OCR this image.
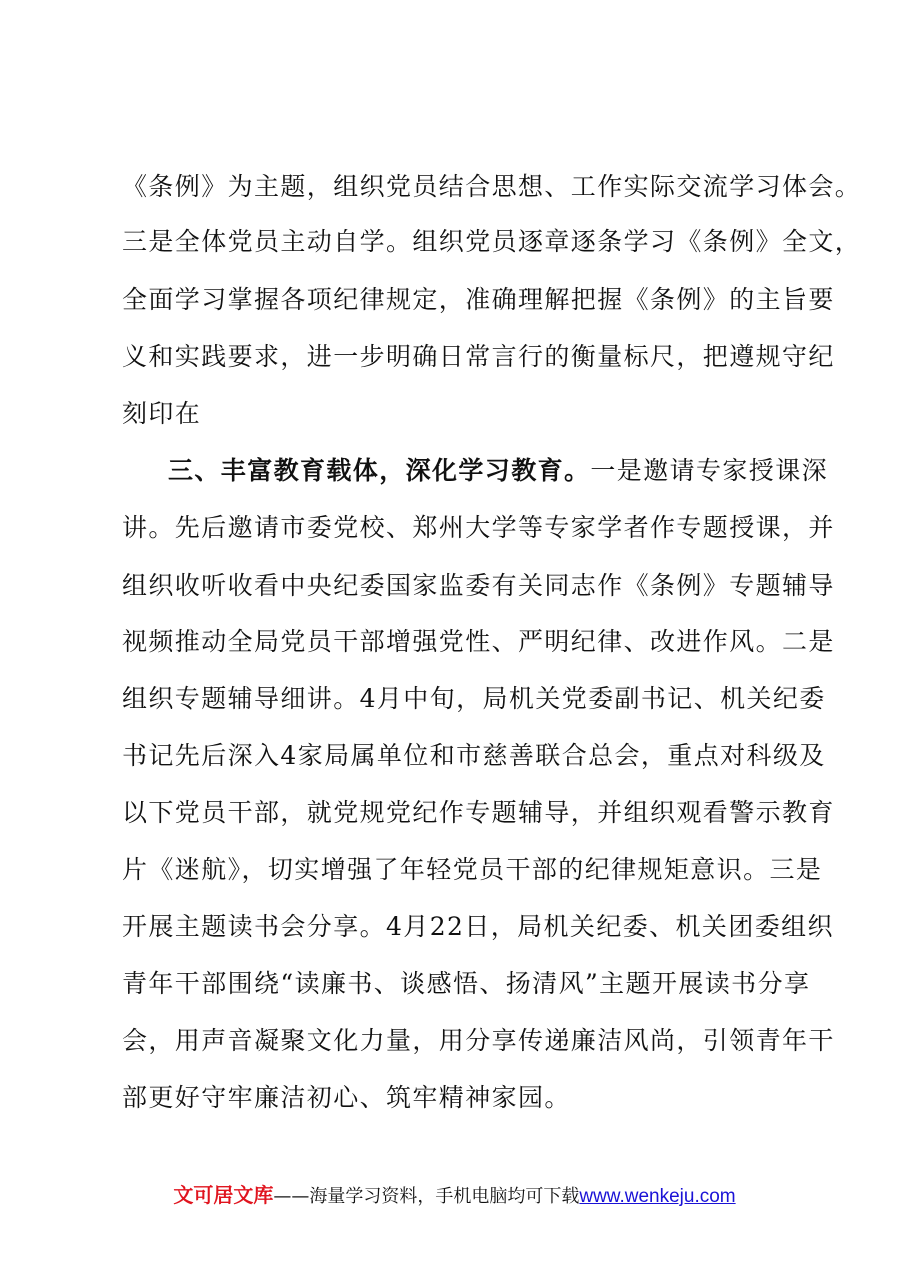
《条例》为主题，组织党员结合思想、工作实际交流学习体会。
三是全体党员主动自学。组织党员逐章逐条学习《条例》全文，
全面学习掌握各项纪律规定，准确理解把握《条例》的主旨要
义和实践要求，进一步明确日常言行的衡量标尺，把遵规守纪
刻印在
三、丰富教育载体，深化学习教育。一是邀请专家授课深
讲。先后邀请市委党校、郑州大学等专家学者作专题授课，并
组织收听收看中央纪委国家监委有关同志作《条例》专题辅导
视频推动全局党员干部增强党性、严明纪律、改进作风。二是
组织专题辅导细讲。4月中旬，局机关党委副书记、机关纪委
书记先后深入4家局属单位和市慈善联合总会，重点对科级及
以下党员干部，就党规党纪作专题辅导，并组织观看警示教育
片《迷航》，切实增强了年轻党员干部的纪律规矩意识。三是
开展主题读书会分享。4月22日，局机关纪委、机关团委组织
青年干部围绕“读廉书、谈感悟、扬清风”主题开展读书分享
会，用声音凝聚文化力量，用分享传递廉洁风尚，引领青年干
部更好守牢廉洁初心、筑牢精神家园。
文可居文库——海量学习资料，手机电脑均可下载www.wenkeju.com
